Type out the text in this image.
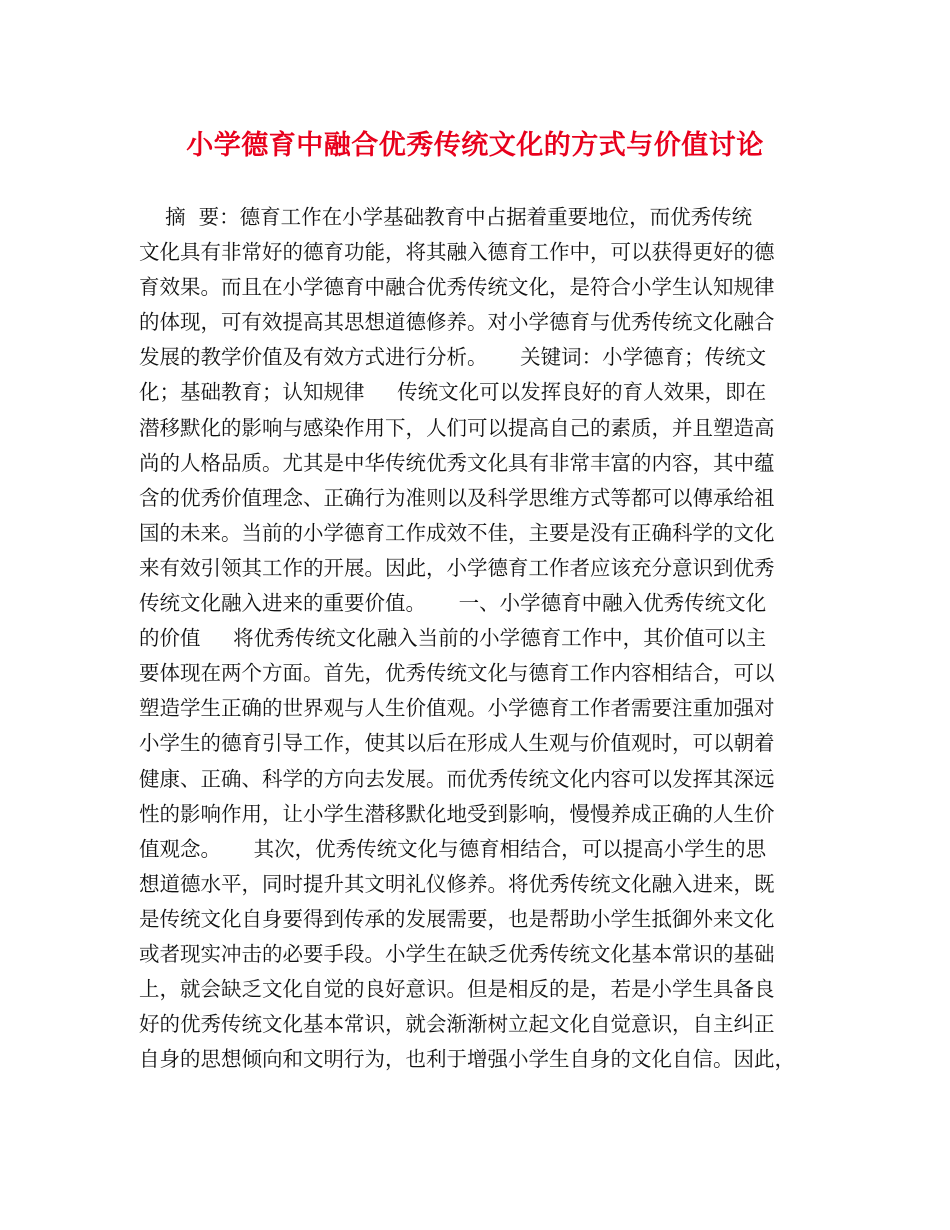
小学德育中融合优秀传统文化的方式与价值讨论
摘  要：德育工作在小学基础教育中占据着重要地位，而优秀传统
文化具有非常好的德育功能，将其融入德育工作中，可以获得更好的德
育效果。而且在小学德育中融合优秀传统文化，是符合小学生认知规律
的体现，可有效提高其思想道德修养。对小学德育与优秀传统文化融合
发展的教学价值及有效方式进行分析。     关键词：小学德育；传统文
化；基础教育；认知规律     传统文化可以发挥良好的育人效果，即在
潜移默化的影响与感染作用下，人们可以提高自己的素质，并且塑造高
尚的人格品质。尤其是中华传统优秀文化具有非常丰富的内容，其中蕴
含的优秀价值理念、正确行为准则以及科学思维方式等都可以傳承给祖
国的未来。当前的小学德育工作成效不佳，主要是没有正确科学的文化
来有效引领其工作的开展。因此，小学德育工作者应该充分意识到优秀
传统文化融入进来的重要价值。     一、小学德育中融入优秀传统文化
的价值     将优秀传统文化融入当前的小学德育工作中，其价值可以主
要体现在两个方面。首先，优秀传统文化与德育工作内容相结合，可以
塑造学生正确的世界观与人生价值观。小学德育工作者需要注重加强对
小学生的德育引导工作，使其以后在形成人生观与价值观时，可以朝着
健康、正确、科学的方向去发展。而优秀传统文化内容可以发挥其深远
性的影响作用，让小学生潜移默化地受到影响，慢慢养成正确的人生价
值观念。     其次，优秀传统文化与德育相结合，可以提高小学生的思
想道德水平，同时提升其文明礼仪修养。将优秀传统文化融入进来，既
是传统文化自身要得到传承的发展需要，也是帮助小学生抵御外来文化
或者现实冲击的必要手段。小学生在缺乏优秀传统文化基本常识的基础
上，就会缺乏文化自觉的良好意识。但是相反的是，若是小学生具备良
好的优秀传统文化基本常识，就会渐渐树立起文化自觉意识，自主纠正
自身的思想倾向和文明行为，也利于增强小学生自身的文化自信。因此，
